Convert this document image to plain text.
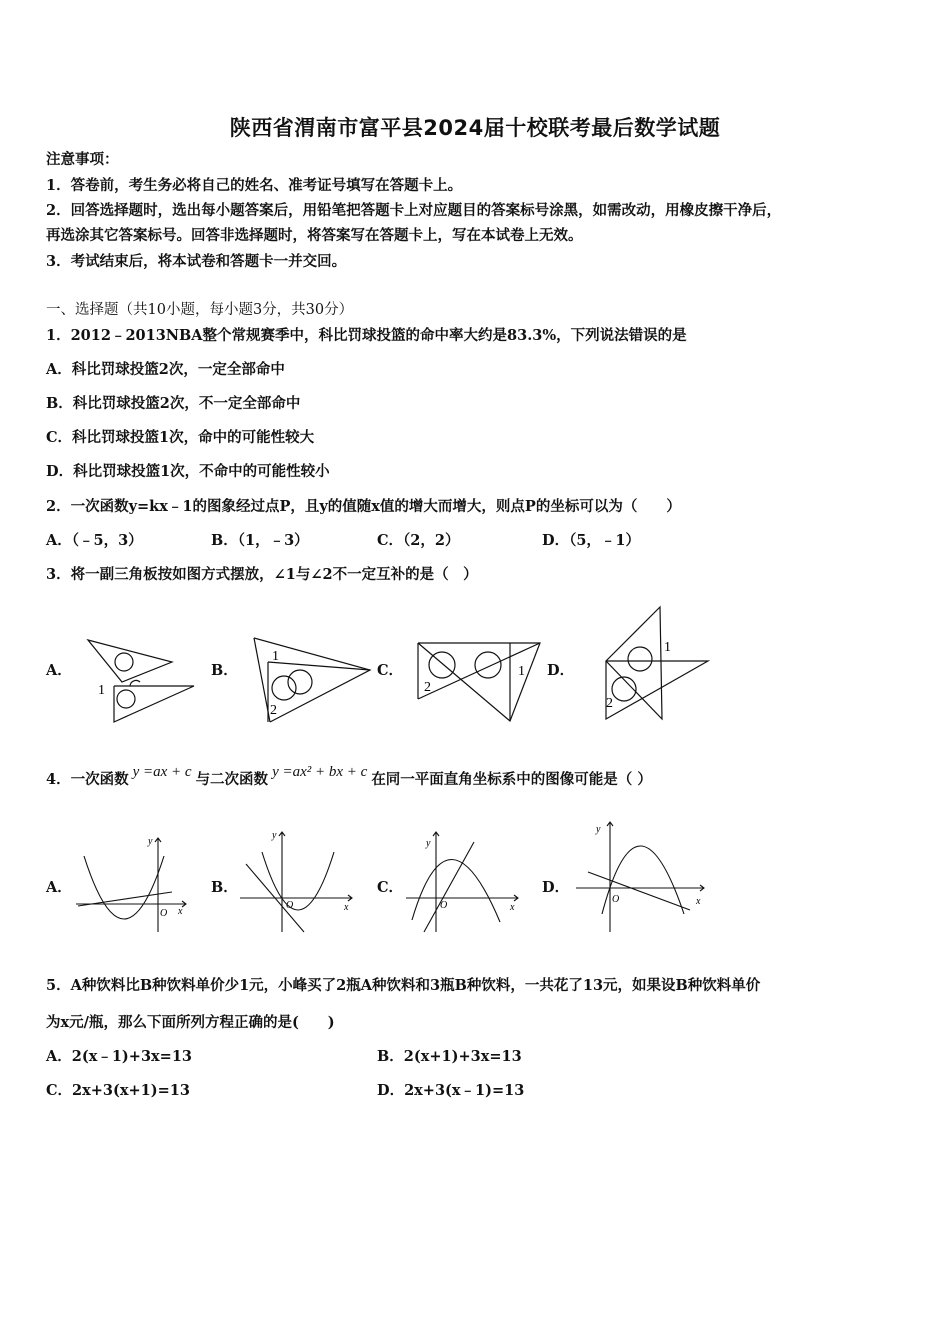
陕西省渭南市富平县2024届十校联考最后数学试题
注意事项：
1．答卷前，考生务必将自己的姓名、准考证号填写在答题卡上。
2．回答选择题时，选出每小题答案后，用铅笔把答题卡上对应题目的答案标号涂黑，如需改动，用橡皮擦干净后，
再选涂其它答案标号。回答非选择题时，将答案写在答题卡上，写在本试卷上无效。
3．考试结束后，将本试卷和答题卡一并交回。
一、选择题（共10小题，每小题3分，共30分）
1．2012﹣2013NBA整个常规赛季中，科比罚球投篮的命中率大约是83.3%，下列说法错误的是
A．科比罚球投篮2次，一定全部命中
B．科比罚球投篮2次，不一定全部命中
C．科比罚球投篮1次，命中的可能性较大
D．科比罚球投篮1次，不命中的可能性较小
2．一次函数y=kx﹣1的图象经过点P，且y的值随x值的增大而增大，则点P的坐标可以为（　　）
A．（﹣5，3）	B．（1，﹣3）	C．（2，2）	D．（5，﹣1）
3．将一副三角板按如图方式摆放，∠1与∠2不一定互补的是（　）
A．	B．	C．	D．
1
1
2
2
1
1
2
4．一次函数 y =ax + c 与二次函数 y =ax² + bx + c 在同一平面直角坐标系中的图像可能是（ ）
A．	B．	C．	D．
y
x
O
y
x
O
y
x
O
y
x
O
5．A种饮料比B种饮料单价少1元，小峰买了2瓶A种饮料和3瓶B种饮料，一共花了13元，如果设B种饮料单价
为x元/瓶，那么下面所列方程正确的是(　　)
A．2(x﹣1)+3x=13	B．2(x+1)+3x=13
C．2x+3(x+1)=13	D．2x+3(x﹣1)=13
